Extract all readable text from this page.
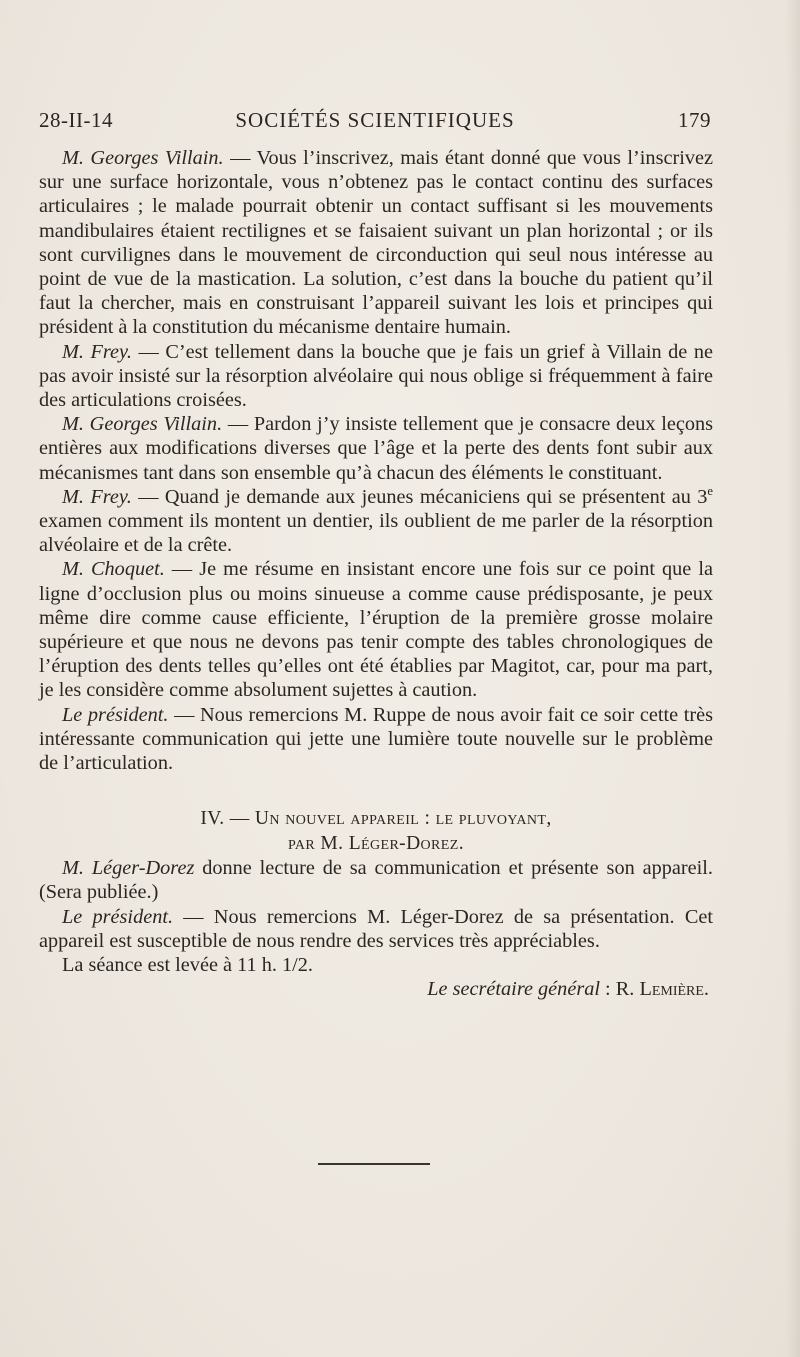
28-II-14	SOCIÉTÉS SCIENTIFIQUES	179

M. Georges Villain. — Vous l’inscrivez, mais étant donné que vous l’inscrivez sur une surface horizontale, vous n’obtenez pas le contact continu des surfaces articulaires ; le malade pourrait obtenir un contact suffisant si les mouvements mandibulaires étaient rectilignes et se faisaient suivant un plan horizontal ; or ils sont curvilignes dans le mouvement de circonduction qui seul nous intéresse au point de vue de la mastication. La solution, c’est dans la bouche du patient qu’il faut la chercher, mais en construisant l’appareil suivant les lois et principes qui président à la constitution du mécanisme dentaire humain.

M. Frey. — C’est tellement dans la bouche que je fais un grief à Villain de ne pas avoir insisté sur la résorption alvéolaire qui nous oblige si fréquemment à faire des articulations croisées.

M. Georges Villain. — Pardon j’y insiste tellement que je consacre deux leçons entières aux modifications diverses que l’âge et la perte des dents font subir aux mécanismes tant dans son ensemble qu’à chacun des éléments le constituant.

M. Frey. — Quand je demande aux jeunes mécaniciens qui se présentent au 3e examen comment ils montent un dentier, ils oublient de me parler de la résorption alvéolaire et de la crête.

M. Choquet. — Je me résume en insistant encore une fois sur ce point que la ligne d’occlusion plus ou moins sinueuse a comme cause prédisposante, je peux même dire comme cause efficiente, l’éruption de la première grosse molaire supérieure et que nous ne devons pas tenir compte des tables chronologiques de l’éruption des dents telles qu’elles ont été établies par Magitot, car, pour ma part, je les considère comme absolument sujettes à caution.

Le président. — Nous remercions M. Ruppe de nous avoir fait ce soir cette très intéressante communication qui jette une lumière toute nouvelle sur le problème de l’articulation.

IV. — Un nouvel appareil : le pluvoyant,
par M. Léger-Dorez.

M. Léger-Dorez donne lecture de sa communication et présente son appareil. (Sera publiée.)

Le président. — Nous remercions M. Léger-Dorez de sa présentation. Cet appareil est susceptible de nous rendre des services très appréciables.

La séance est levée à 11 h. 1/2.

Le secrétaire général : R. Lemière.
